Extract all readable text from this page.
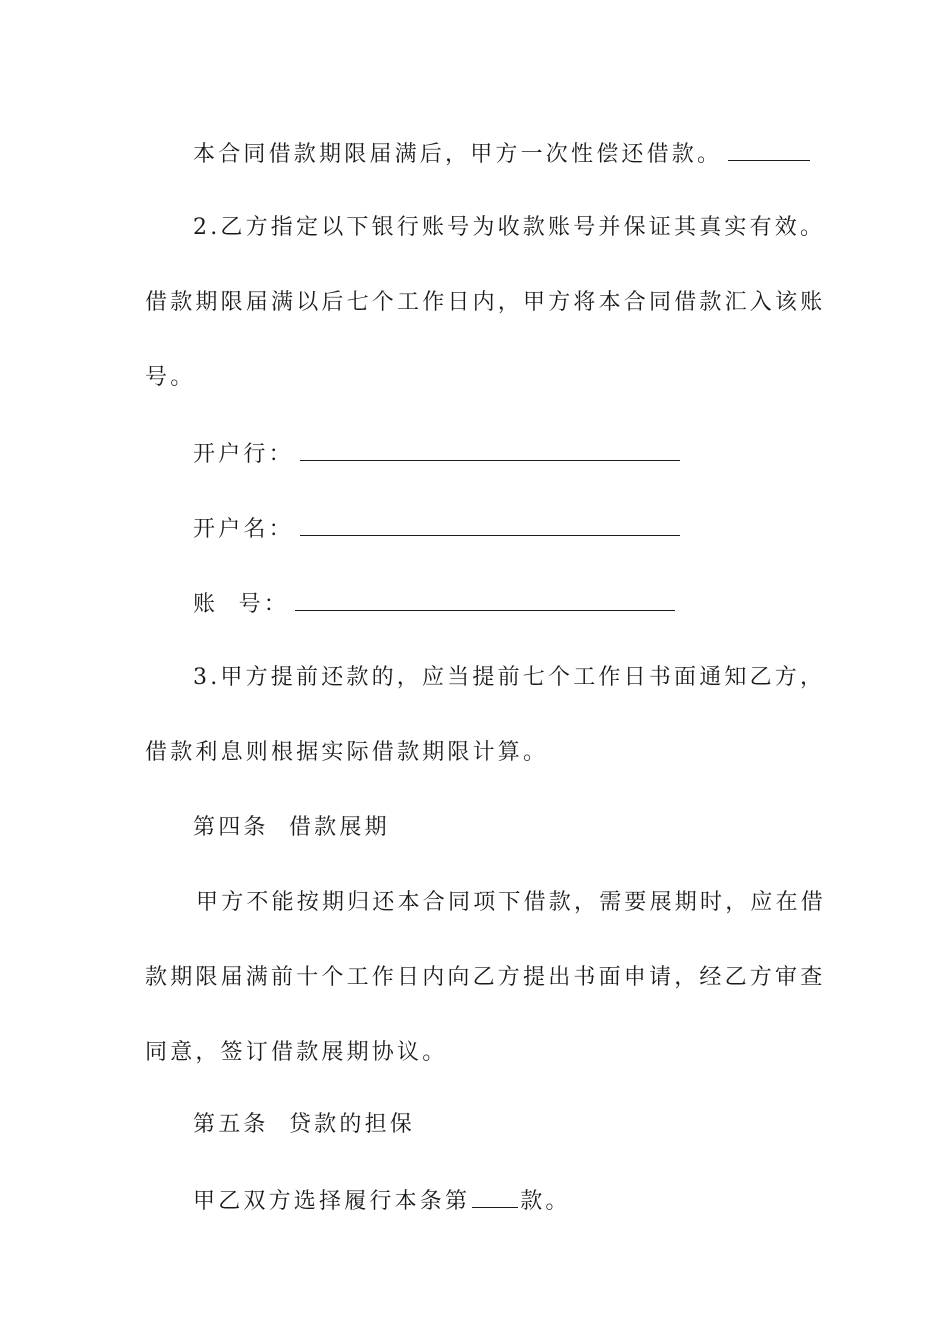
本合同借款期限届满后，甲方一次性偿还借款。
2.乙方指定以下银行账号为收款账号并保证其真实有效。
借款期限届满以后七个工作日内，甲方将本合同借款汇入该账
号。
开户行：
开户名：
账  号：
3.甲方提前还款的，应当提前七个工作日书面通知乙方，
借款利息则根据实际借款期限计算。
第四条  借款展期
甲方不能按期归还本合同项下借款，需要展期时，应在借
款期限届满前十个工作日内向乙方提出书面申请，经乙方审查
同意，签订借款展期协议。
第五条  贷款的担保
甲乙双方选择履行本条第 款。
